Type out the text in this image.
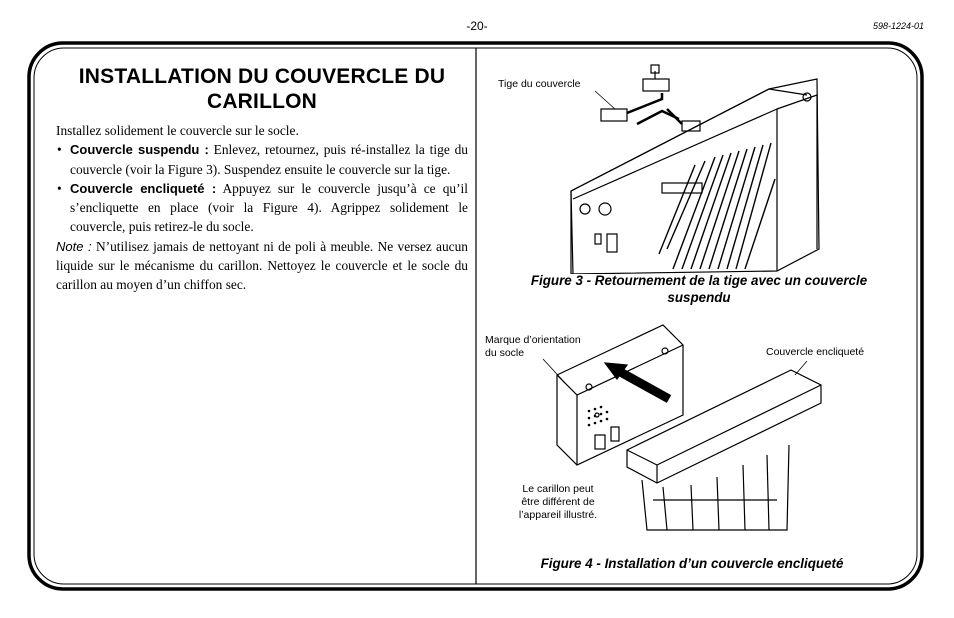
-20-	598-1224-01
INSTALLATION DU COUVERCLE DU
CARILLON

Installez solidement le couvercle sur le socle.

• Couvercle suspendu : Enlevez, retournez, puis ré-installez la tige du couvercle (voir la Figure 3). Suspendez ensuite le couvercle sur la tige.

• Couvercle encliqueté : Appuyez sur le couvercle jusqu’à ce qu’il s’encliquette en place (voir la Figure 4). Agrippez solidement le couvercle, puis retirez-le du socle.

Note : N’utilisez jamais de nettoyant ni de poli à meuble. Ne versez aucun liquide sur le mécanisme du carillon. Nettoyez le couvercle et le socle du carillon au moyen d’un chiffon sec.

Tige du couvercle
Figure 3 - Retournement de la tige avec un couvercle
suspendu
Marque d’orientation
du socle	Couvercle encliqueté
Le carillon peut
être différent de
l’appareil illustré.
Figure 4 - Installation d’un couvercle encliqueté
